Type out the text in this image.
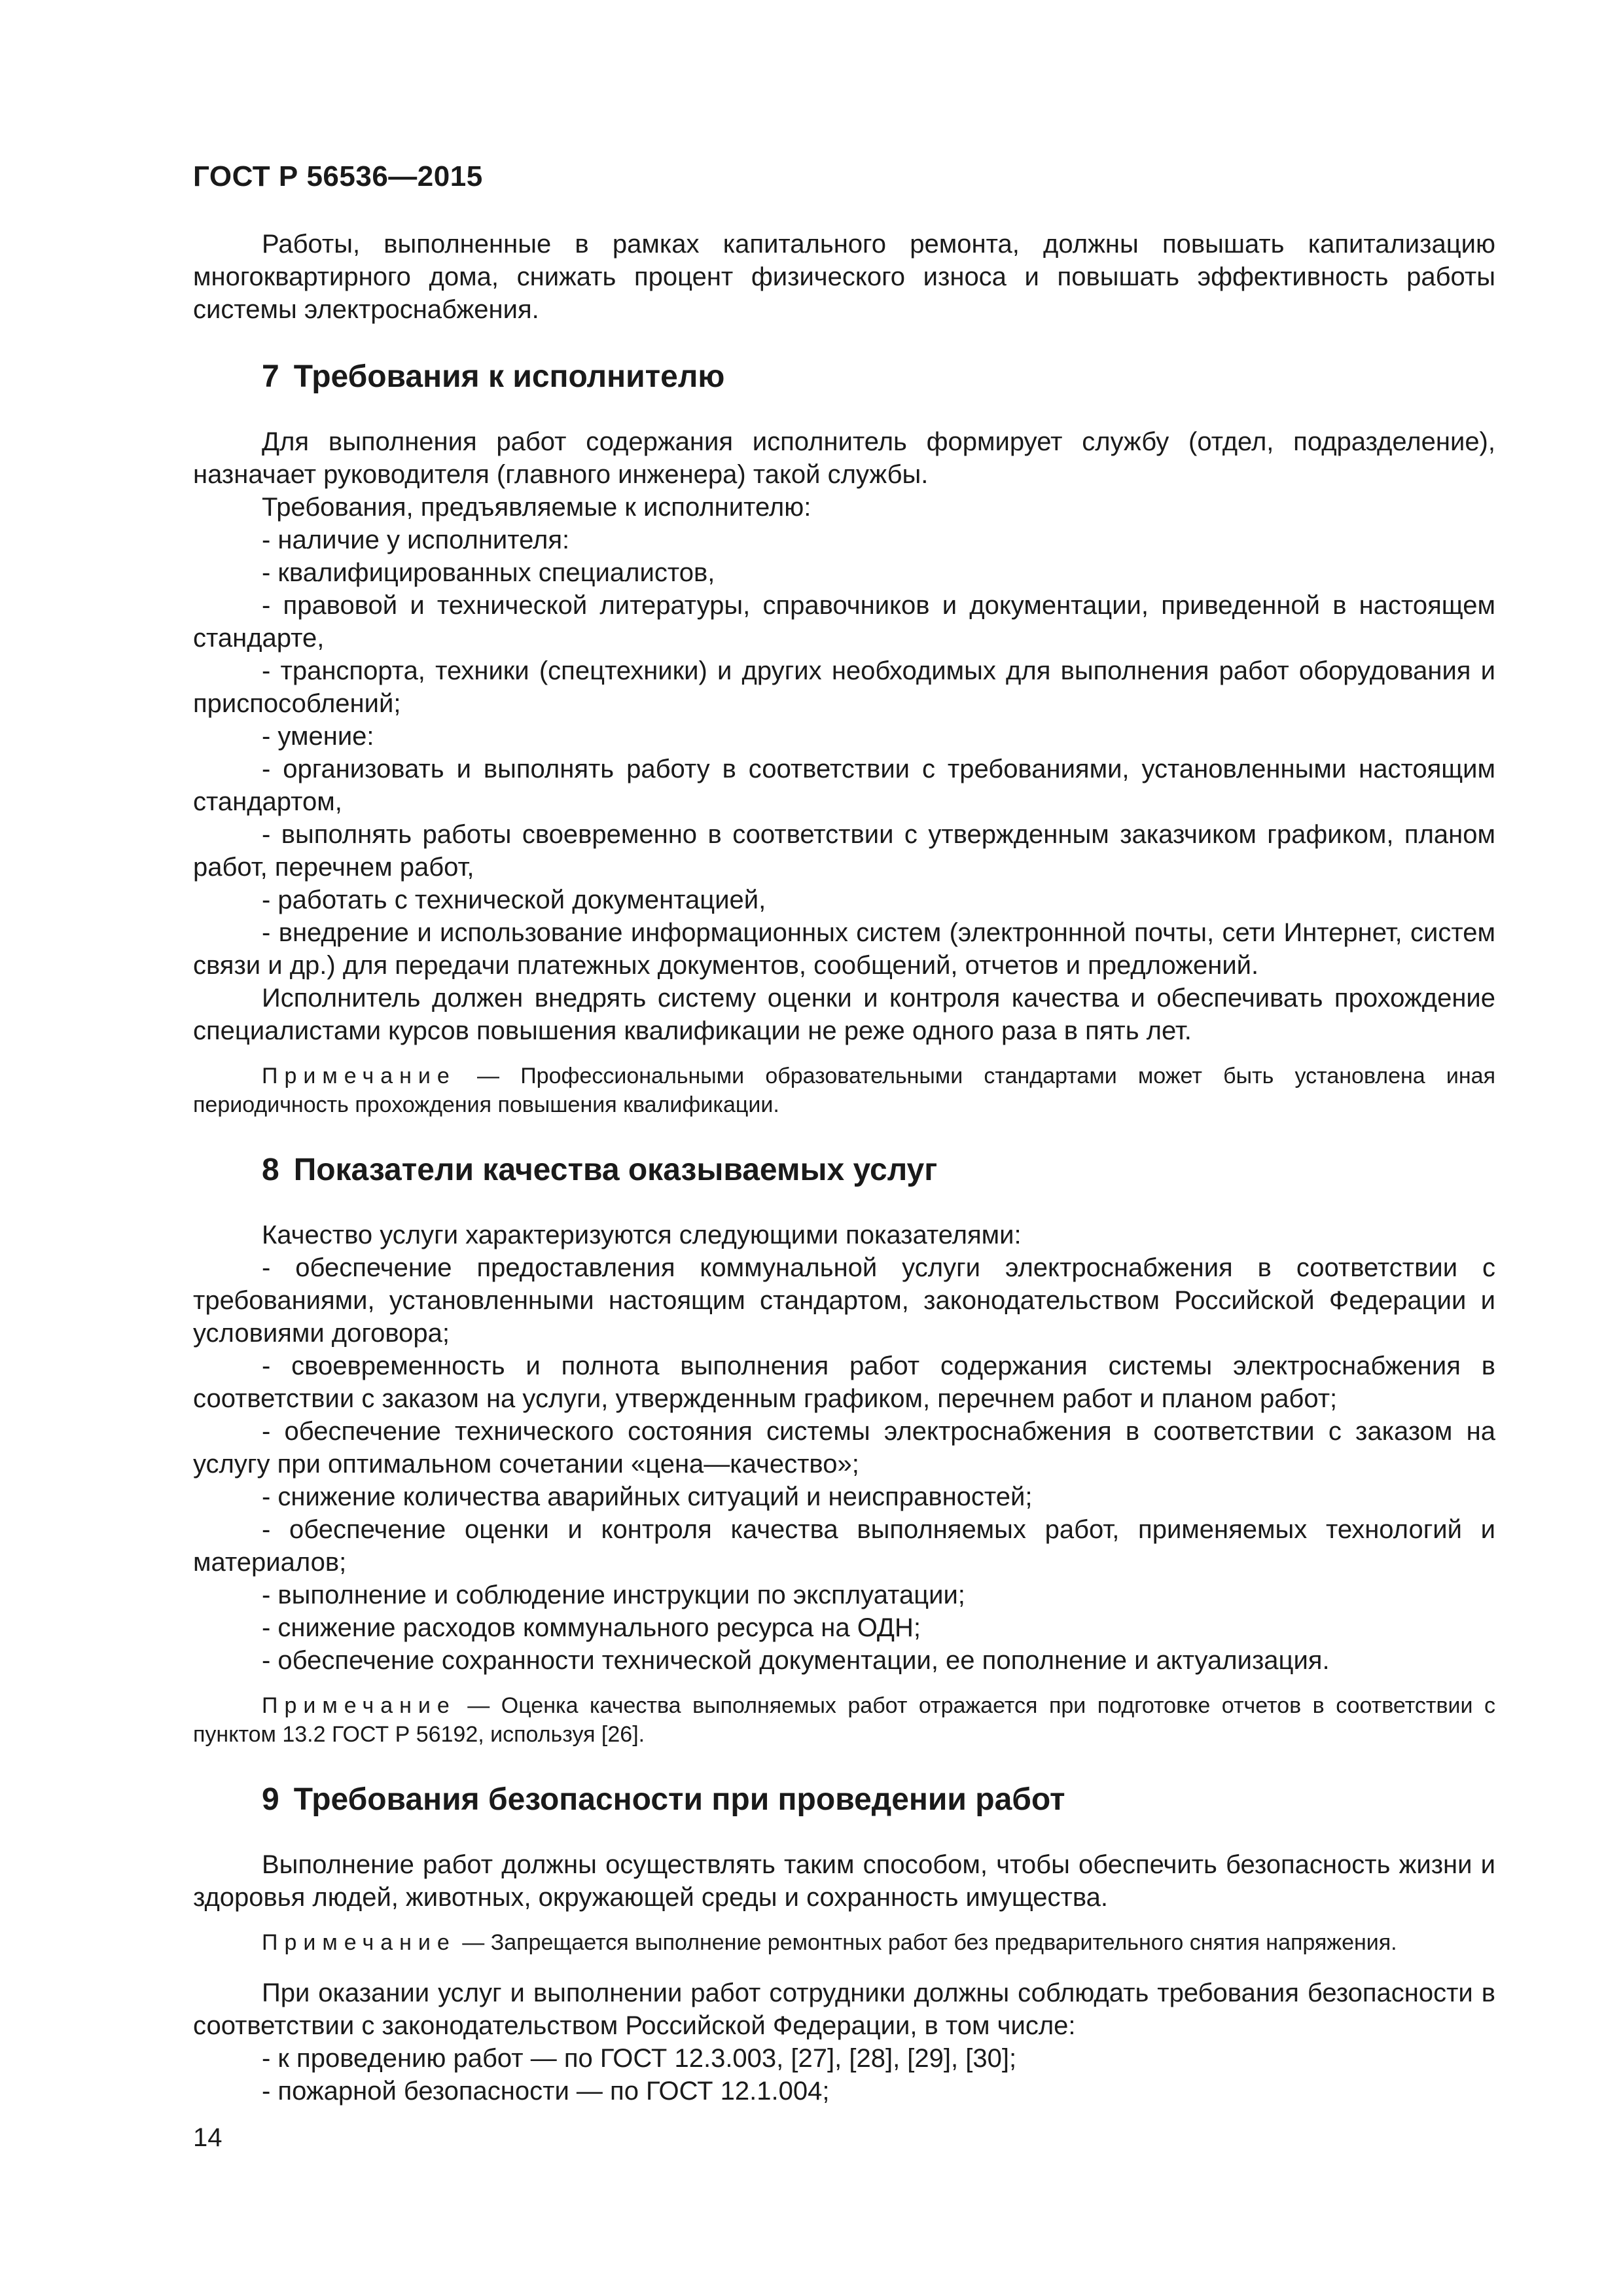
ГОСТ Р 56536—2015

Работы, выполненные в рамках капитального ремонта, должны повышать капитализацию многоквартирного дома, снижать процент физического износа и повышать эффективность работы системы электроснабжения.

7 Требования к исполнителю

Для выполнения работ содержания исполнитель формирует службу (отдел, подразделение), назначает руководителя (главного инженера) такой службы.

Требования, предъявляемые к исполнителю:

- наличие у исполнителя:

- квалифицированных специалистов,

- правовой и технической литературы, справочников и документации, приведенной в настоящем стандарте,

- транспорта, техники (спецтехники) и других необходимых для выполнения работ оборудования и приспособлений;

- умение:

- организовать и выполнять работу в соответствии с требованиями, установленными настоящим стандартом,

- выполнять работы своевременно в соответствии с утвержденным заказчиком графиком, планом работ, перечнем работ,

- работать с технической документацией,

- внедрение и использование информационных систем (электроннной почты, сети Интернет, систем связи и др.) для передачи платежных документов, сообщений, отчетов и предложений.

Исполнитель должен внедрять систему оценки и контроля качества и обеспечивать прохождение специалистами курсов повышения квалификации не реже одного раза в пять лет.

Примечание — Профессиональными образовательными стандартами может быть установлена иная периодичность прохождения повышения квалификации.

8 Показатели качества оказываемых услуг

Качество услуги характеризуются следующими показателями:

- обеспечение предоставления коммунальной услуги электроснабжения в соответствии с требованиями, установленными настоящим стандартом, законодательством Российской Федерации и условиями договора;

- своевременность и полнота выполнения работ содержания системы электроснабжения в соответствии с заказом на услуги, утвержденным графиком, перечнем работ и планом работ;

- обеспечение технического состояния системы электроснабжения в соответствии с заказом на услугу при оптимальном сочетании «цена—качество»;

- снижение количества аварийных ситуаций и неисправностей;

- обеспечение оценки и контроля качества выполняемых работ, применяемых технологий и материалов;

- выполнение и соблюдение инструкции по эксплуатации;

- снижение расходов коммунального ресурса на ОДН;

- обеспечение сохранности технической документации, ее пополнение и актуализация.

Примечание — Оценка качества выполняемых работ отражается при подготовке отчетов в соответствии с пунктом 13.2 ГОСТ Р 56192, используя [26].

9 Требования безопасности при проведении работ

Выполнение работ должны осуществлять таким способом, чтобы обеспечить безопасность жизни и здоровья людей, животных, окружающей среды и сохранность имущества.

Примечание — Запрещается выполнение ремонтных работ без предварительного снятия напряжения.

При оказании услуг и выполнении работ сотрудники должны соблюдать требования безопасности в соответствии с законодательством Российской Федерации, в том числе:

- к проведению работ — по ГОСТ 12.3.003, [27], [28], [29], [30];

- пожарной безопасности — по ГОСТ 12.1.004;

14
